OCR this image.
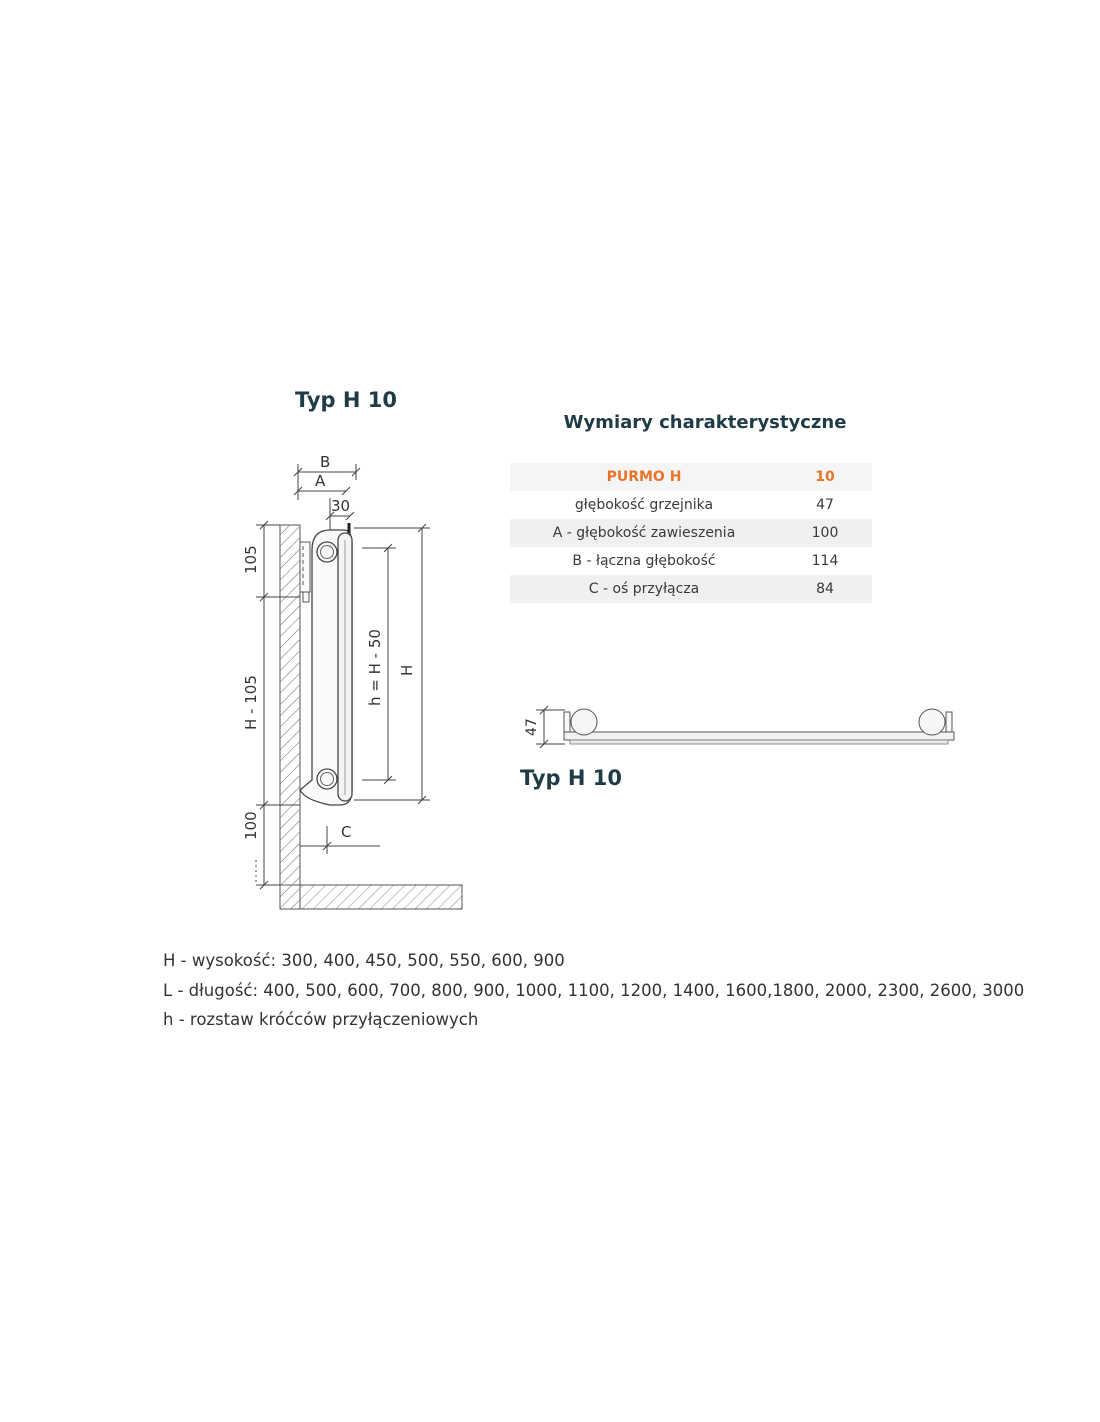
Typ H 10
B
A
30
C
105
H - 105
100
h = H - 50 H
47
Wymiary charakterystyczne
PURMO H	10
głębokość grzejnika	47
A - głębokość zawieszenia	100
B - łączna głębokość	114
C - oś przyłącza	84
Typ H 10
H - wysokość: 300, 400, 450, 500, 550, 600, 900
L - długość: 400, 500, 600, 700, 800, 900, 1000, 1100, 1200, 1400, 1600,1800, 2000, 2300, 2600, 3000
h - rozstaw króćców przyłączeniowych
